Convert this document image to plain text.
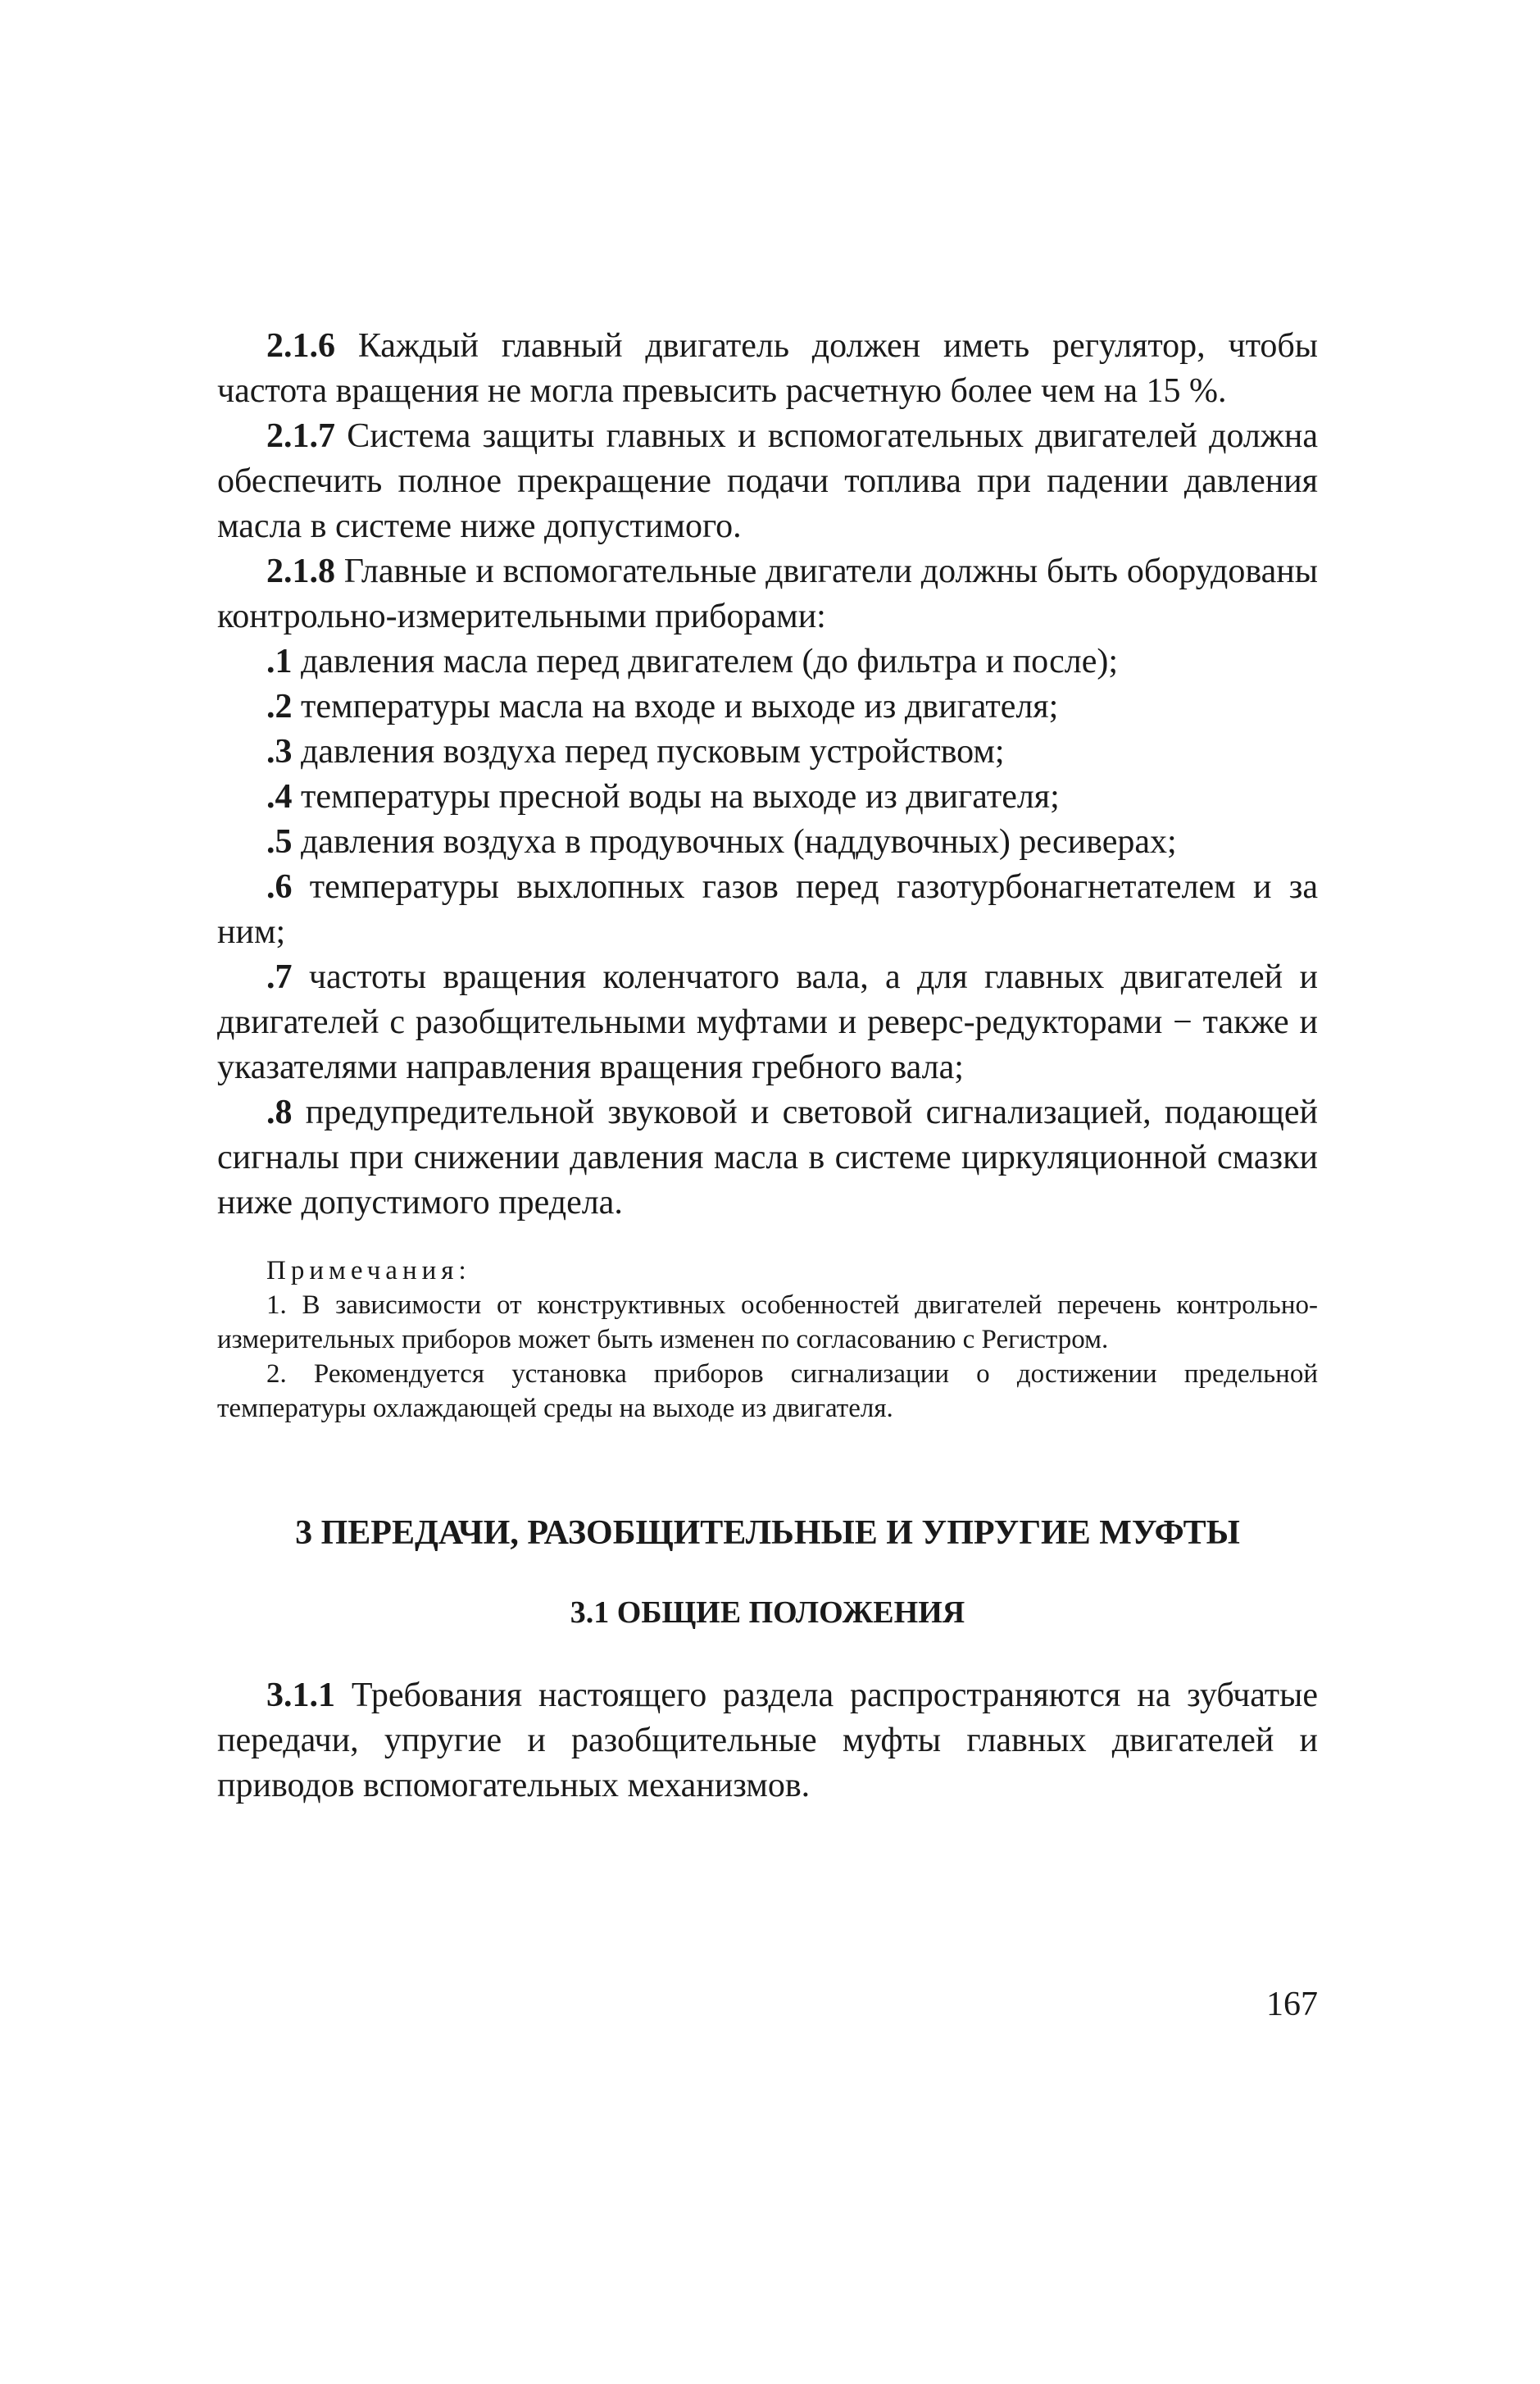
2.1.6 Каждый главный двигатель должен иметь регулятор, чтобы частота вращения не могла превысить расчетную более чем на 15 %.

2.1.7 Система защиты главных и вспомогательных двигателей должна обеспечить полное прекращение подачи топлива при падении давления масла в системе ниже допустимого.

2.1.8 Главные и вспомогательные двигатели должны быть оборудованы контрольно-измерительными приборами:

.1 давления масла перед двигателем (до фильтра и после);

.2 температуры масла на входе и выходе из двигателя;

.3 давления воздуха перед пусковым устройством;

.4 температуры пресной воды на выходе из двигателя;

.5 давления воздуха в продувочных (наддувочных) ресиверах;

.6 температуры выхлопных газов перед газотурбонагнетателем и за ним;

.7 частоты вращения коленчатого вала, а для главных двигателей и двигателей с разобщительными муфтами и реверс-редукторами − также и указателями направления вращения гребного вала;

.8 предупредительной звуковой и световой сигнализацией, подающей сигналы при снижении давления масла в системе циркуляционной смазки ниже допустимого предела.

Примечания:

1. В зависимости от конструктивных особенностей двигателей перечень контрольно-измерительных приборов может быть изменен по согласованию с Регистром.

2. Рекомендуется установка приборов сигнализации о достижении предельной температуры охлаждающей среды на выходе из двигателя.

3 ПЕРЕДАЧИ, РАЗОБЩИТЕЛЬНЫЕ И УПРУГИЕ МУФТЫ
3.1 ОБЩИЕ ПОЛОЖЕНИЯ

3.1.1 Требования настоящего раздела распространяются на зубчатые передачи, упругие и разобщительные муфты главных двигателей и приводов вспомогательных механизмов.

167
